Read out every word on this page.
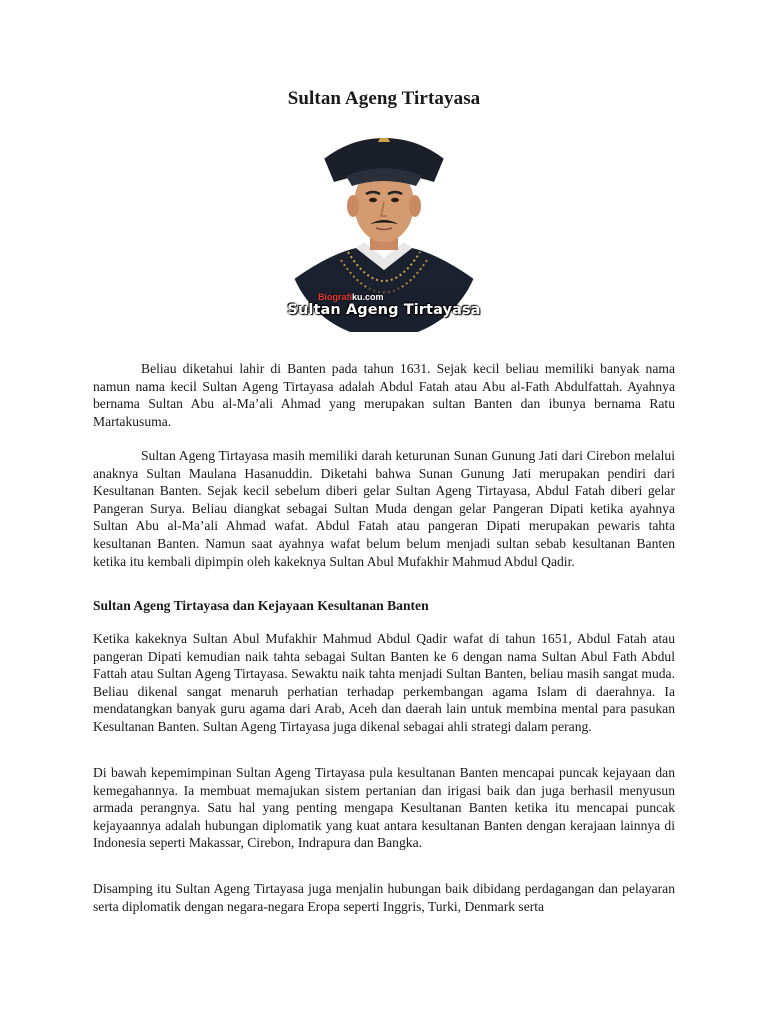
Sultan Ageng Tirtayasa
Biografiku.com
Sultan Ageng Tirtayasa

Beliau diketahui lahir di Banten pada tahun 1631. Sejak kecil beliau memiliki banyak nama namun nama kecil Sultan Ageng Tirtayasa adalah Abdul Fatah atau Abu al-Fath Abdulfattah. Ayahnya bernama Sultan Abu al-Ma’ali Ahmad yang merupakan sultan Banten dan ibunya bernama Ratu Martakusuma.

Sultan Ageng Tirtayasa masih memiliki darah keturunan Sunan Gunung Jati dari Cirebon melalui anaknya Sultan Maulana Hasanuddin. Diketahi bahwa Sunan Gunung Jati merupakan pendiri dari Kesultanan Banten. Sejak kecil sebelum diberi gelar Sultan Ageng Tirtayasa, Abdul Fatah diberi gelar Pangeran Surya. Beliau diangkat sebagai Sultan Muda dengan gelar Pangeran Dipati ketika ayahnya Sultan Abu al-Ma’ali Ahmad wafat. Abdul Fatah atau pangeran Dipati merupakan pewaris tahta kesultanan Banten. Namun saat ayahnya wafat belum belum menjadi sultan sebab kesultanan Banten ketika itu kembali dipimpin oleh kakeknya Sultan Abul Mufakhir Mahmud Abdul Qadir.

Sultan Ageng Tirtayasa dan Kejayaan Kesultanan Banten

Ketika kakeknya Sultan Abul Mufakhir Mahmud Abdul Qadir wafat di tahun 1651, Abdul Fatah atau pangeran Dipati kemudian naik tahta sebagai Sultan Banten ke 6 dengan nama Sultan Abul Fath Abdul Fattah atau Sultan Ageng Tirtayasa. Sewaktu naik tahta menjadi Sultan Banten, beliau masih sangat muda. Beliau dikenal sangat menaruh perhatian terhadap perkembangan agama Islam di daerahnya. Ia mendatangkan banyak guru agama dari Arab, Aceh dan daerah lain untuk membina mental para pasukan Kesultanan Banten. Sultan Ageng Tirtayasa juga dikenal sebagai ahli strategi dalam perang.

Di bawah kepemimpinan Sultan Ageng Tirtayasa pula kesultanan Banten mencapai puncak kejayaan dan kemegahannya. Ia membuat memajukan sistem pertanian dan irigasi baik dan juga berhasil menyusun armada perangnya. Satu hal yang penting mengapa Kesultanan Banten ketika itu mencapai puncak kejayaannya adalah hubungan diplomatik yang kuat antara kesultanan Banten dengan kerajaan lainnya di Indonesia seperti Makassar, Cirebon, Indrapura dan Bangka.

Disamping itu Sultan Ageng Tirtayasa juga menjalin hubungan baik dibidang perdagangan dan pelayaran serta diplomatik dengan negara-negara Eropa seperti Inggris, Turki, Denmark serta
